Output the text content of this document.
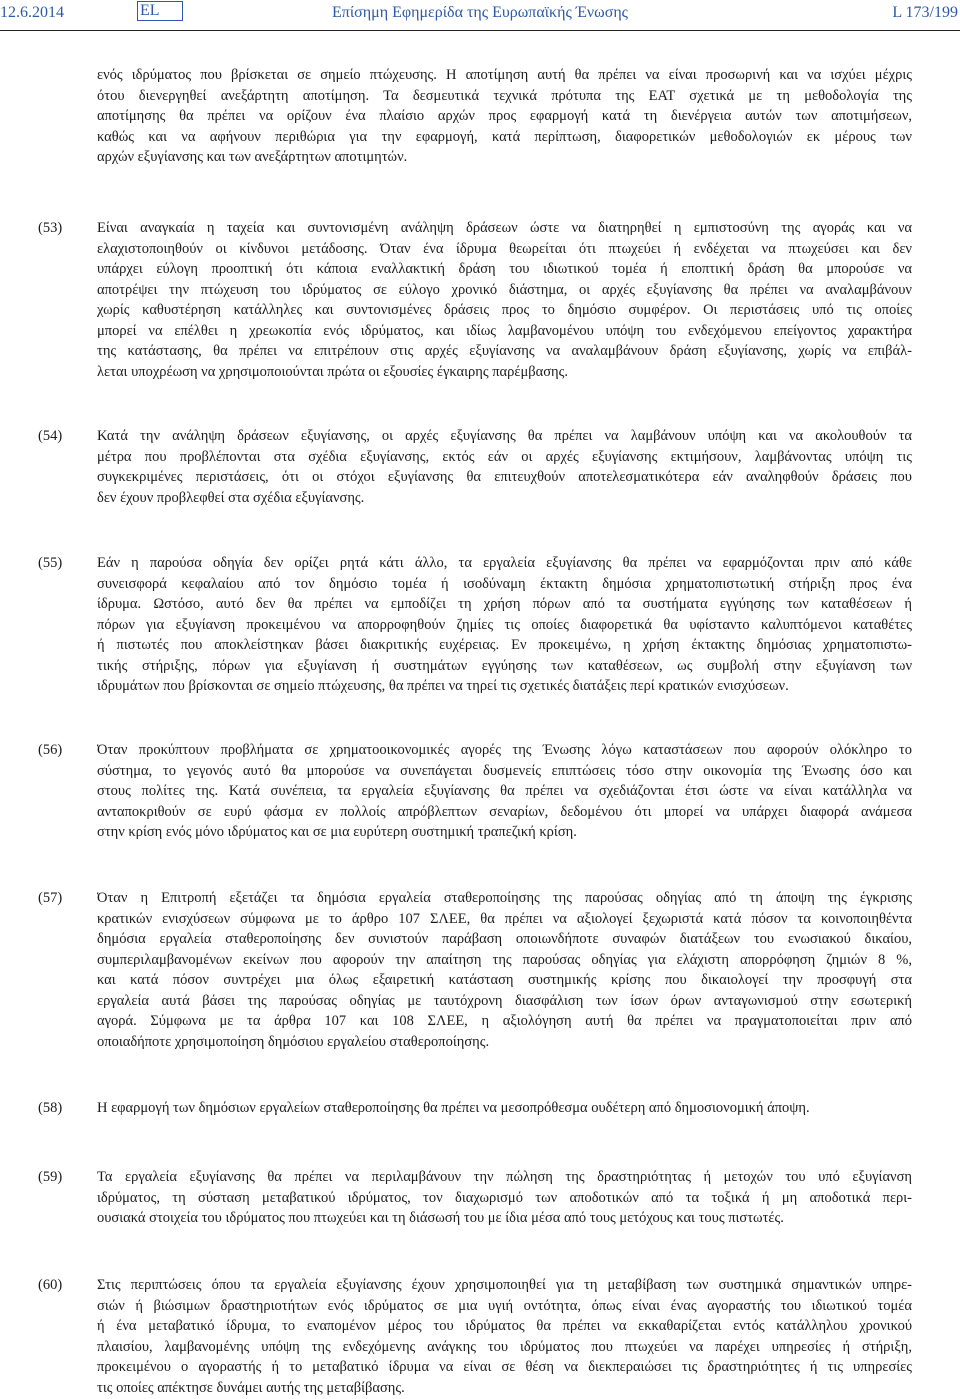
12.6.2014	EL	Επίσημη Εφημερίδα της Ευρωπαϊκής Ένωσης	L 173/199
ενός ιδρύματος που βρίσκεται σε σημείο πτώχευσης. Η αποτίμηση αυτή θα πρέπει να είναι προσωρινή και να ισχύει μέχρις
ότου διενεργηθεί ανεξάρτητη αποτίμηση. Τα δεσμευτικά τεχνικά πρότυπα της ΕΑΤ σχετικά με τη μεθοδολογία της
αποτίμησης θα πρέπει να ορίζουν ένα πλαίσιο αρχών προς εφαρμογή κατά τη διενέργεια αυτών των αποτιμήσεων,
καθώς και να αφήνουν περιθώρια για την εφαρμογή, κατά περίπτωση, διαφορετικών μεθοδολογιών εκ μέρους των
αρχών εξυγίανσης και των ανεξάρτητων αποτιμητών.
(53) Είναι αναγκαία η ταχεία και συντονισμένη ανάληψη δράσεων ώστε να διατηρηθεί η εμπιστοσύνη της αγοράς και να
ελαχιστοποιηθούν οι κίνδυνοι μετάδοσης. Όταν ένα ίδρυμα θεωρείται ότι πτωχεύει ή ενδέχεται να πτωχεύσει και δεν
υπάρχει εύλογη προοπτική ότι κάποια εναλλακτική δράση του ιδιωτικού τομέα ή εποπτική δράση θα μπορούσε να
αποτρέψει την πτώχευση του ιδρύματος σε εύλογο χρονικό διάστημα, οι αρχές εξυγίανσης θα πρέπει να αναλαμβάνουν
χωρίς καθυστέρηση κατάλληλες και συντονισμένες δράσεις προς το δημόσιο συμφέρον. Οι περιστάσεις υπό τις οποίες
μπορεί να επέλθει η χρεωκοπία ενός ιδρύματος, και ιδίως λαμβανομένου υπόψη του ενδεχόμενου επείγοντος χαρακτήρα
της κατάστασης, θα πρέπει να επιτρέπουν στις αρχές εξυγίανσης να αναλαμβάνουν δράση εξυγίανσης, χωρίς να επιβάλ-
λεται υποχρέωση να χρησιμοποιούνται πρώτα οι εξουσίες έγκαιρης παρέμβασης.
(54) Κατά την ανάληψη δράσεων εξυγίανσης, οι αρχές εξυγίανσης θα πρέπει να λαμβάνουν υπόψη και να ακολουθούν τα
μέτρα που προβλέπονται στα σχέδια εξυγίανσης, εκτός εάν οι αρχές εξυγίανσης εκτιμήσουν, λαμβάνοντας υπόψη τις
συγκεκριμένες περιστάσεις, ότι οι στόχοι εξυγίανσης θα επιτευχθούν αποτελεσματικότερα εάν αναληφθούν δράσεις που
δεν έχουν προβλεφθεί στα σχέδια εξυγίανσης.
(55) Εάν η παρούσα οδηγία δεν ορίζει ρητά κάτι άλλο, τα εργαλεία εξυγίανσης θα πρέπει να εφαρμόζονται πριν από κάθε
συνεισφορά κεφαλαίου από τον δημόσιο τομέα ή ισοδύναμη έκτακτη δημόσια χρηματοπιστωτική στήριξη προς ένα
ίδρυμα. Ωστόσο, αυτό δεν θα πρέπει να εμποδίζει τη χρήση πόρων από τα συστήματα εγγύησης των καταθέσεων ή
πόρων για εξυγίανση προκειμένου να απορροφηθούν ζημίες τις οποίες διαφορετικά θα υφίσταντο καλυπτόμενοι καταθέτες
ή πιστωτές που αποκλείστηκαν βάσει διακριτικής ευχέρειας. Εν προκειμένω, η χρήση έκτακτης δημόσιας χρηματοπιστω-
τικής στήριξης, πόρων για εξυγίανση ή συστημάτων εγγύησης των καταθέσεων, ως συμβολή στην εξυγίανση των
ιδρυμάτων που βρίσκονται σε σημείο πτώχευσης, θα πρέπει να τηρεί τις σχετικές διατάξεις περί κρατικών ενισχύσεων.
(56) Όταν προκύπτουν προβλήματα σε χρηματοοικονομικές αγορές της Ένωσης λόγω καταστάσεων που αφορούν ολόκληρο το
σύστημα, το γεγονός αυτό θα μπορούσε να συνεπάγεται δυσμενείς επιπτώσεις τόσο στην οικονομία της Ένωσης όσο και
στους πολίτες της. Κατά συνέπεια, τα εργαλεία εξυγίανσης θα πρέπει να σχεδιάζονται έτσι ώστε να είναι κατάλληλα να
ανταποκριθούν σε ευρύ φάσμα εν πολλοίς απρόβλεπτων σεναρίων, δεδομένου ότι μπορεί να υπάρχει διαφορά ανάμεσα
στην κρίση ενός μόνο ιδρύματος και σε μια ευρύτερη συστημική τραπεζική κρίση.
(57) Όταν η Επιτροπή εξετάζει τα δημόσια εργαλεία σταθεροποίησης της παρούσας οδηγίας από τη άποψη της έγκρισης
κρατικών ενισχύσεων σύμφωνα με το άρθρο 107 ΣΛΕΕ, θα πρέπει να αξιολογεί ξεχωριστά κατά πόσον τα κοινοποιηθέντα
δημόσια εργαλεία σταθεροποίησης δεν συνιστούν παράβαση οποιωνδήποτε συναφών διατάξεων του ενωσιακού δικαίου,
συμπεριλαμβανομένων εκείνων που αφορούν την απαίτηση της παρούσας οδηγίας για ελάχιστη απορρόφηση ζημιών 8 %,
και κατά πόσον συντρέχει μια όλως εξαιρετική κατάσταση συστημικής κρίσης που δικαιολογεί την προσφυγή στα
εργαλεία αυτά βάσει της παρούσας οδηγίας με ταυτόχρονη διασφάλιση των ίσων όρων ανταγωνισμού στην εσωτερική
αγορά. Σύμφωνα με τα άρθρα 107 και 108 ΣΛΕΕ, η αξιολόγηση αυτή θα πρέπει να πραγματοποιείται πριν από
οποιαδήποτε χρησιμοποίηση δημόσιου εργαλείου σταθεροποίησης.
(58) Η εφαρμογή των δημόσιων εργαλείων σταθεροποίησης θα πρέπει να μεσοπρόθεσμα ουδέτερη από δημοσιονομική άποψη.
(59) Τα εργαλεία εξυγίανσης θα πρέπει να περιλαμβάνουν την πώληση της δραστηριότητας ή μετοχών του υπό εξυγίανση
ιδρύματος, τη σύσταση μεταβατικού ιδρύματος, τον διαχωρισμό των αποδοτικών από τα τοξικά ή μη αποδοτικά περι-
ουσιακά στοιχεία του ιδρύματος που πτωχεύει και τη διάσωσή του με ίδια μέσα από τους μετόχους και τους πιστωτές.
(60) Στις περιπτώσεις όπου τα εργαλεία εξυγίανσης έχουν χρησιμοποιηθεί για τη μεταβίβαση των συστημικά σημαντικών υπηρε-
σιών ή βιώσιμων δραστηριοτήτων ενός ιδρύματος σε μια υγιή οντότητα, όπως είναι ένας αγοραστής του ιδιωτικού τομέα
ή ένα μεταβατικό ίδρυμα, το εναπομένον μέρος του ιδρύματος θα πρέπει να εκκαθαρίζεται εντός κατάλληλου χρονικού
πλαισίου, λαμβανομένης υπόψη της ενδεχόμενης ανάγκης του ιδρύματος που πτωχεύει να παρέχει υπηρεσίες ή στήριξη,
προκειμένου ο αγοραστής ή το μεταβατικό ίδρυμα να είναι σε θέση να διεκπεραιώσει τις δραστηριότητες ή τις υπηρεσίες
τις οποίες απέκτησε δυνάμει αυτής της μεταβίβασης.
